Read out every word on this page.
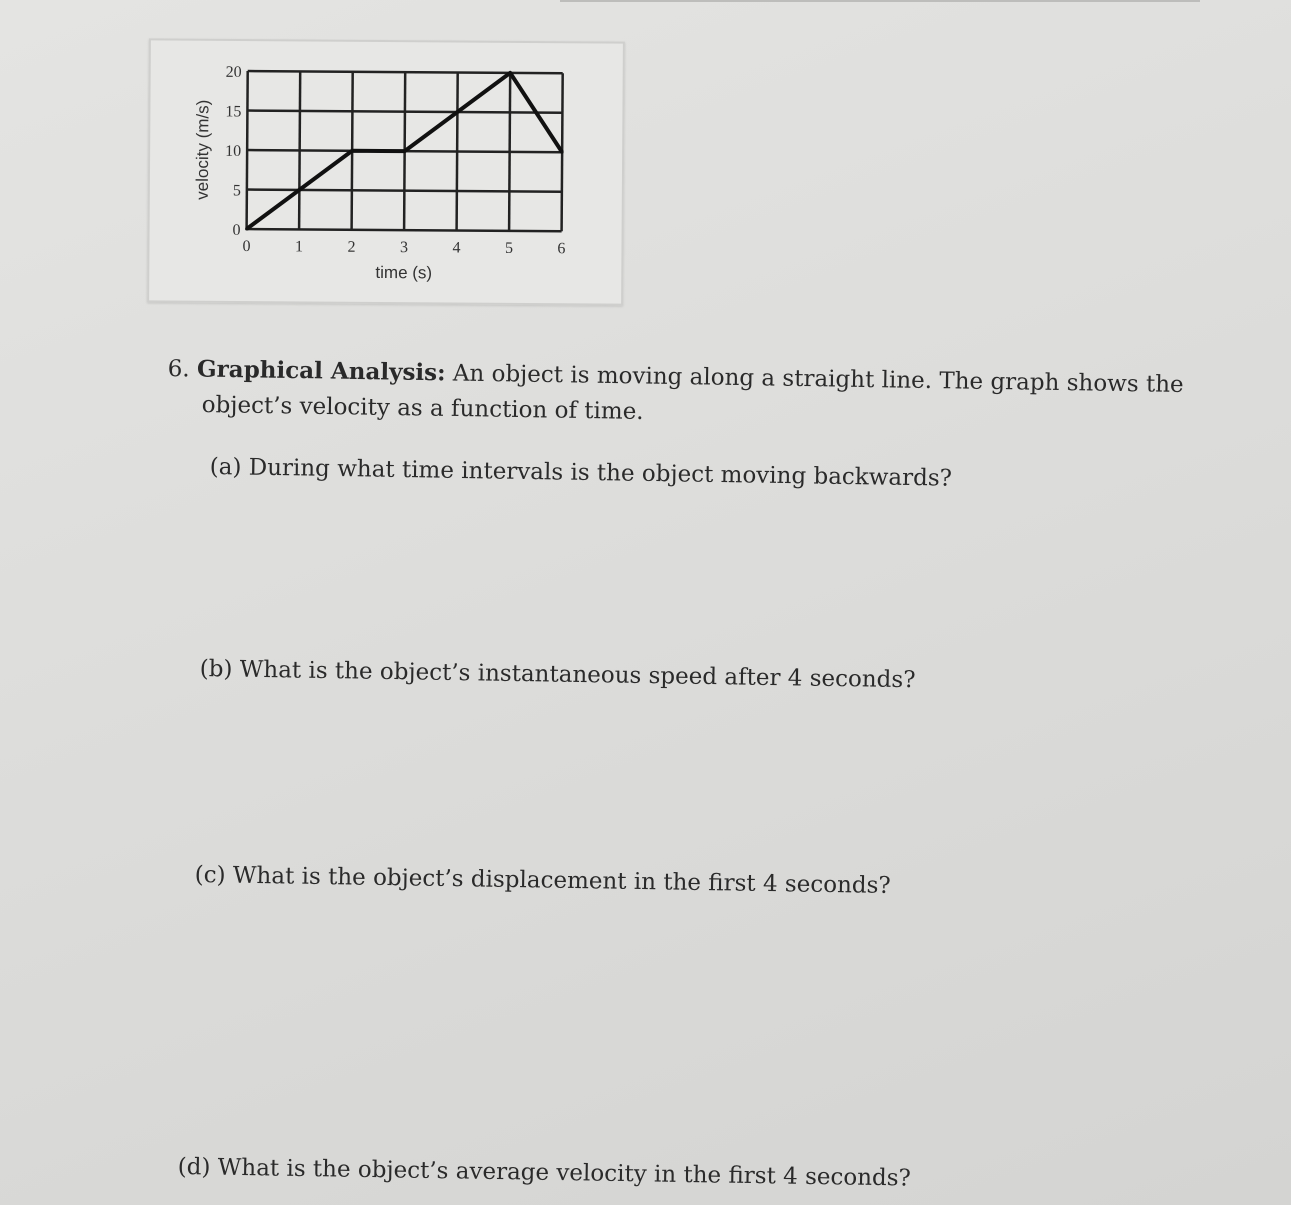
0	1	2	3	4	5	6
0
5
10
15
20
time (s)
velocity (m/s)
6. Graphical Analysis: An object is moving along a straight line. The graph shows the
object’s velocity as a function of time.
(a) During what time intervals is the object moving backwards?
(b) What is the object’s instantaneous speed after 4 seconds?
(c) What is the object’s displacement in the first 4 seconds?
(d) What is the object’s average velocity in the first 4 seconds?
